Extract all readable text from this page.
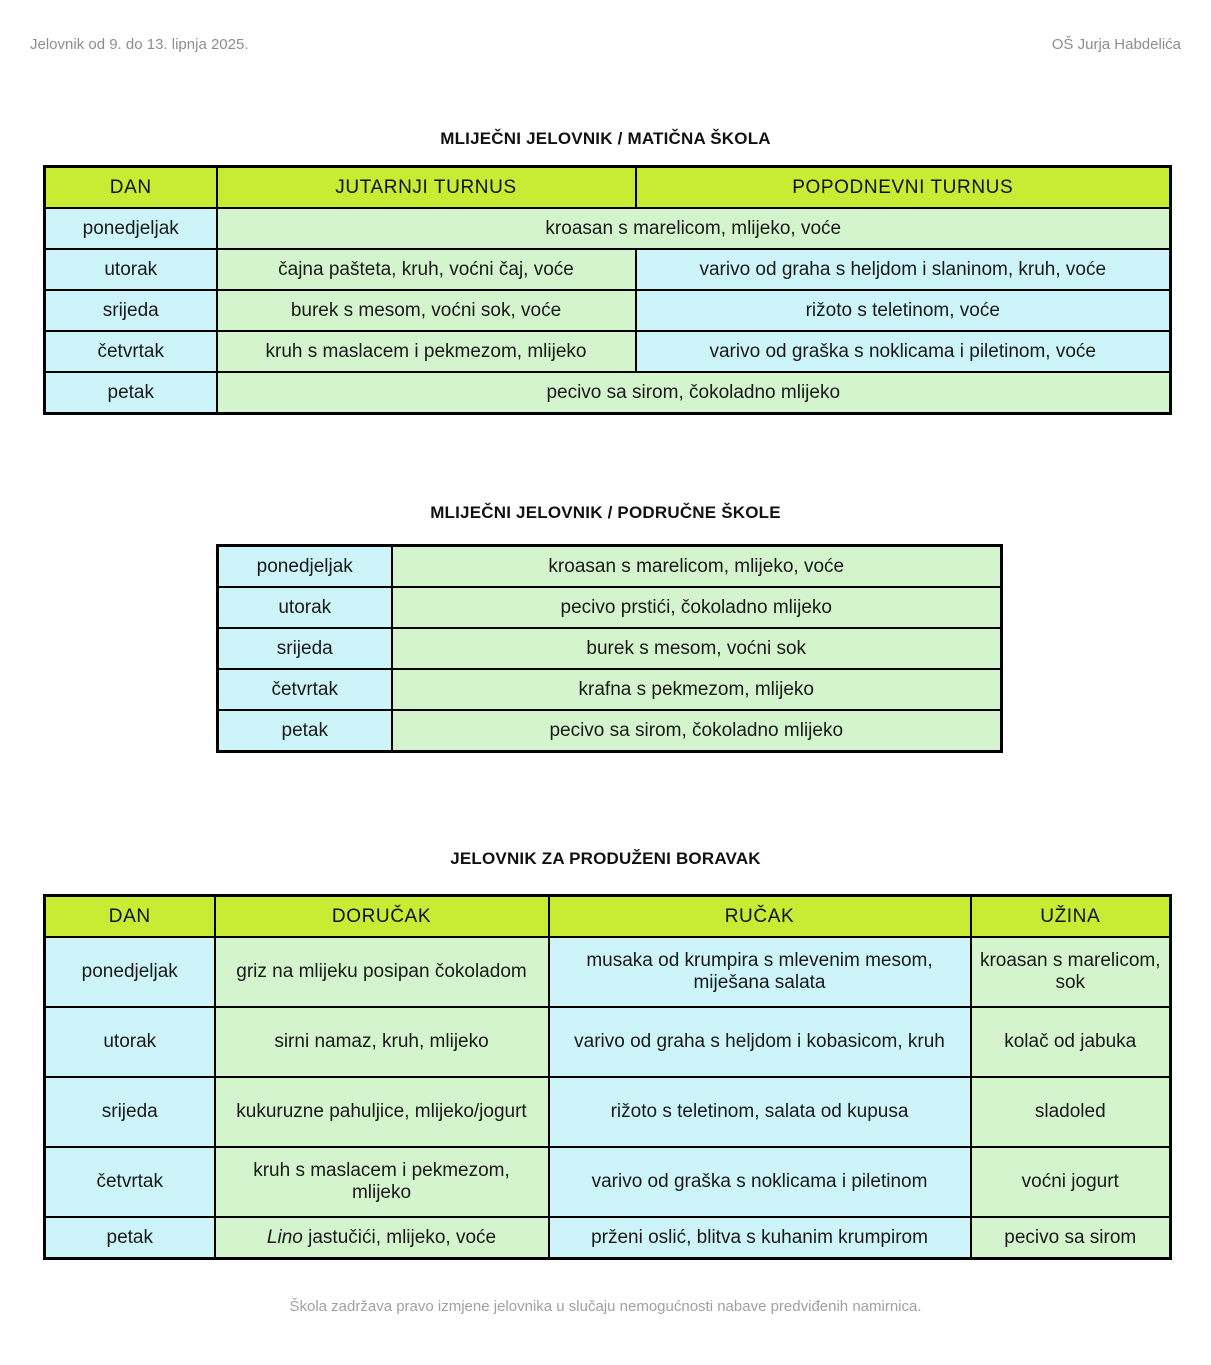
Jelovnik od 9. do 13. lipnja 2025.	OŠ Jurja Habdelića
MLIJEČNI JELOVNIK / MATIČNA ŠKOLA
DAN	JUTARNJI TURNUS	POPODNEVNI TURNUS
ponedjeljak	kroasan s marelicom, mlijeko, voće	
utorak	čajna pašteta, kruh, voćni čaj, voće	varivo od graha s heljdom i slaninom, kruh, voće
srijeda	burek s mesom, voćni sok, voće	rižoto s teletinom, voće
četvrtak	kruh s maslacem i pekmezom, mlijeko	varivo od graška s noklicama i piletinom, voće
petak	pecivo sa sirom, čokoladno mlijeko	
MLIJEČNI JELOVNIK / PODRUČNE ŠKOLE
ponedjeljak	kroasan s marelicom, mlijeko, voće
utorak	pecivo prstići, čokoladno mlijeko
srijeda	burek s mesom, voćni sok
četvrtak	krafna s pekmezom, mlijeko
petak	pecivo sa sirom, čokoladno mlijeko
JELOVNIK ZA PRODUŽENI BORAVAK
DAN	DORUČAK	RUČAK	UŽINA
ponedjeljak	griz na mlijeku posipan čokoladom	musaka od krumpira s mlevenim mesom, miješana salata	kroasan s marelicom, sok
utorak	sirni namaz, kruh, mlijeko	varivo od graha s heljdom i kobasicom, kruh	kolač od jabuka
srijeda	kukuruzne pahuljice, mlijeko/jogurt	rižoto s teletinom, salata od kupusa	sladoled
četvrtak	kruh s maslacem i pekmezom, mlijeko	varivo od graška s noklicama i piletinom	voćni jogurt
petak	Lino jastučići, mlijeko, voće	prženi oslić, blitva s kuhanim krumpirom	pecivo sa sirom
Škola zadržava pravo izmjene jelovnika u slučaju nemogućnosti nabave predviđenih namirnica.
